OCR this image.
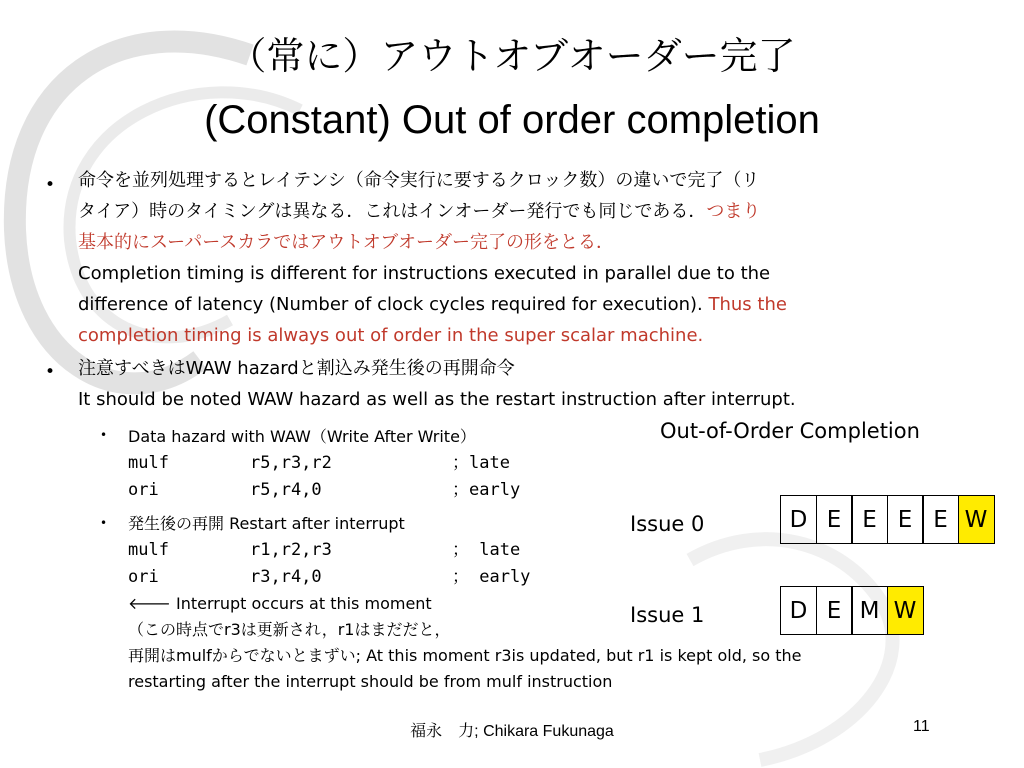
（常に）アウトオブオーダー完了
(Constant) Out of order completion
• 命令を並列処理するとレイテンシ（命令実行に要するクロック数）の違いで完了（リ
タイア）時のタイミングは異なる．これはインオーダー発行でも同じである．つまり
基本的にスーパースカラではアウトオブオーダー完了の形をとる．
Completion timing is different for instructions executed in parallel due to the
difference of latency (Number of clock cycles required for execution). Thus the
completion timing is always out of order in the super scalar machine.
• 注意すべきはWAW hazardと割込み発生後の再開命令
It should be noted WAW hazard as well as the restart instruction after interrupt.
• Data hazard with WAW（Write After Write）
mulf	r5,r3,r2	；late
ori	r5,r4,0	；early
• 発生後の再開 Restart after interrupt
mulf	r1,r2,r3	； late
ori	r3,r4,0	； early
🡐 Interrupt occurs at this moment
（この時点でr3は更新され，r1はまだだと，
再開はmulfからでないとまずい; At this moment r3is updated, but r1 is kept old, so the
restarting after the interrupt should be from mulf instruction
Out-of-Order Completion
Issue 0	D E E E E W
Issue 1	D E M W
福永　力; Chikara Fukunaga	11
